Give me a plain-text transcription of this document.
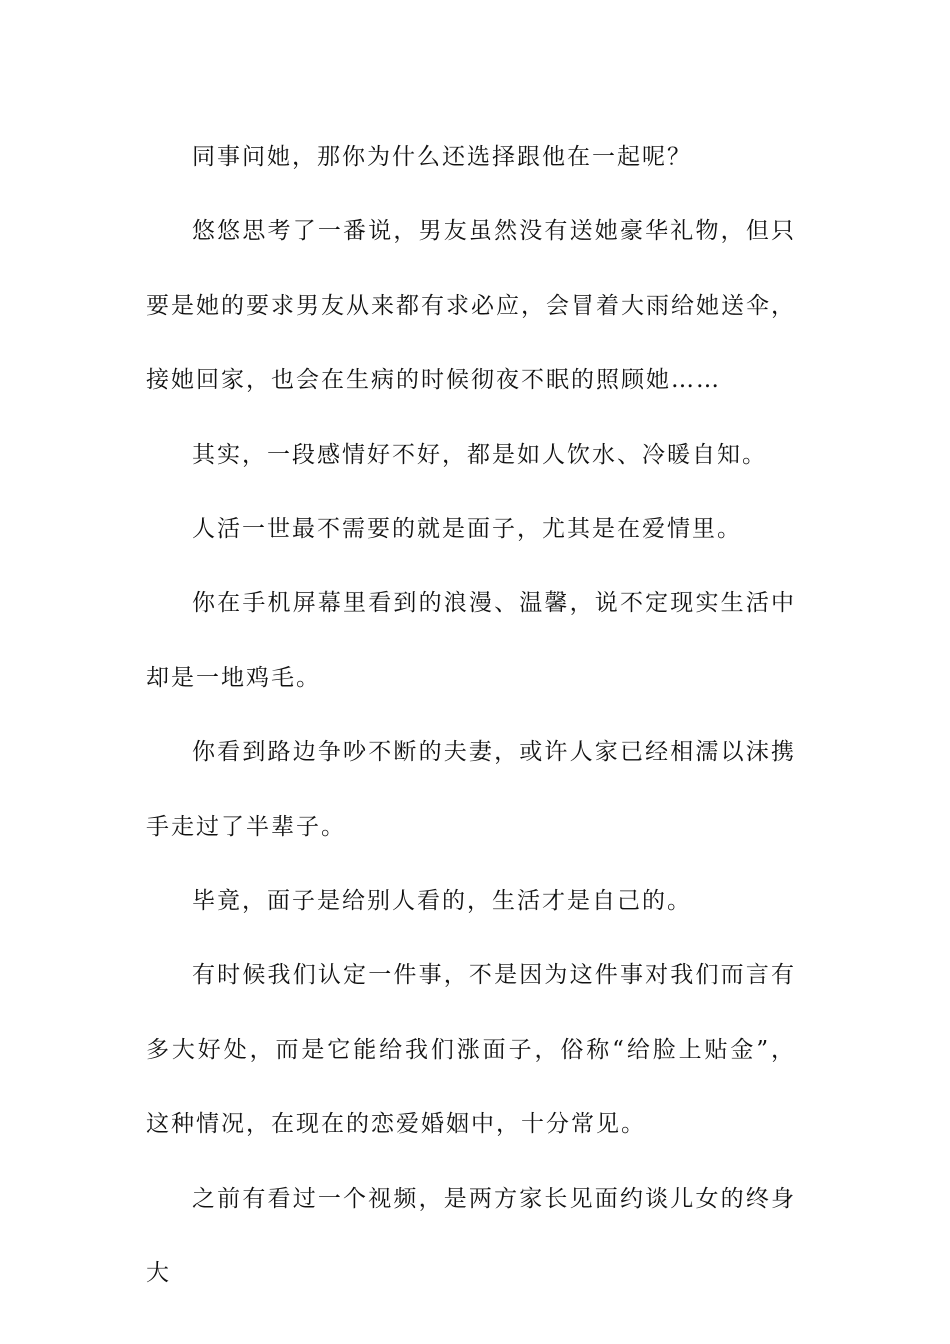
同事问她，那你为什么还选择跟他在一起呢？

悠悠思考了一番说，男友虽然没有送她豪华礼物，但只要是她的要求男友从来都有求必应，会冒着大雨给她送伞，接她回家，也会在生病的时候彻夜不眠的照顾她……

其实，一段感情好不好，都是如人饮水、冷暖自知。

人活一世最不需要的就是面子，尤其是在爱情里。

你在手机屏幕里看到的浪漫、温馨，说不定现实生活中却是一地鸡毛。

你看到路边争吵不断的夫妻，或许人家已经相濡以沫携手走过了半辈子。

毕竟，面子是给别人看的，生活才是自己的。

有时候我们认定一件事，不是因为这件事对我们而言有多大好处，而是它能给我们涨面子，俗称“给脸上贴金”，这种情况，在现在的恋爱婚姻中，十分常见。

之前有看过一个视频，是两方家长见面约谈儿女的终身大
